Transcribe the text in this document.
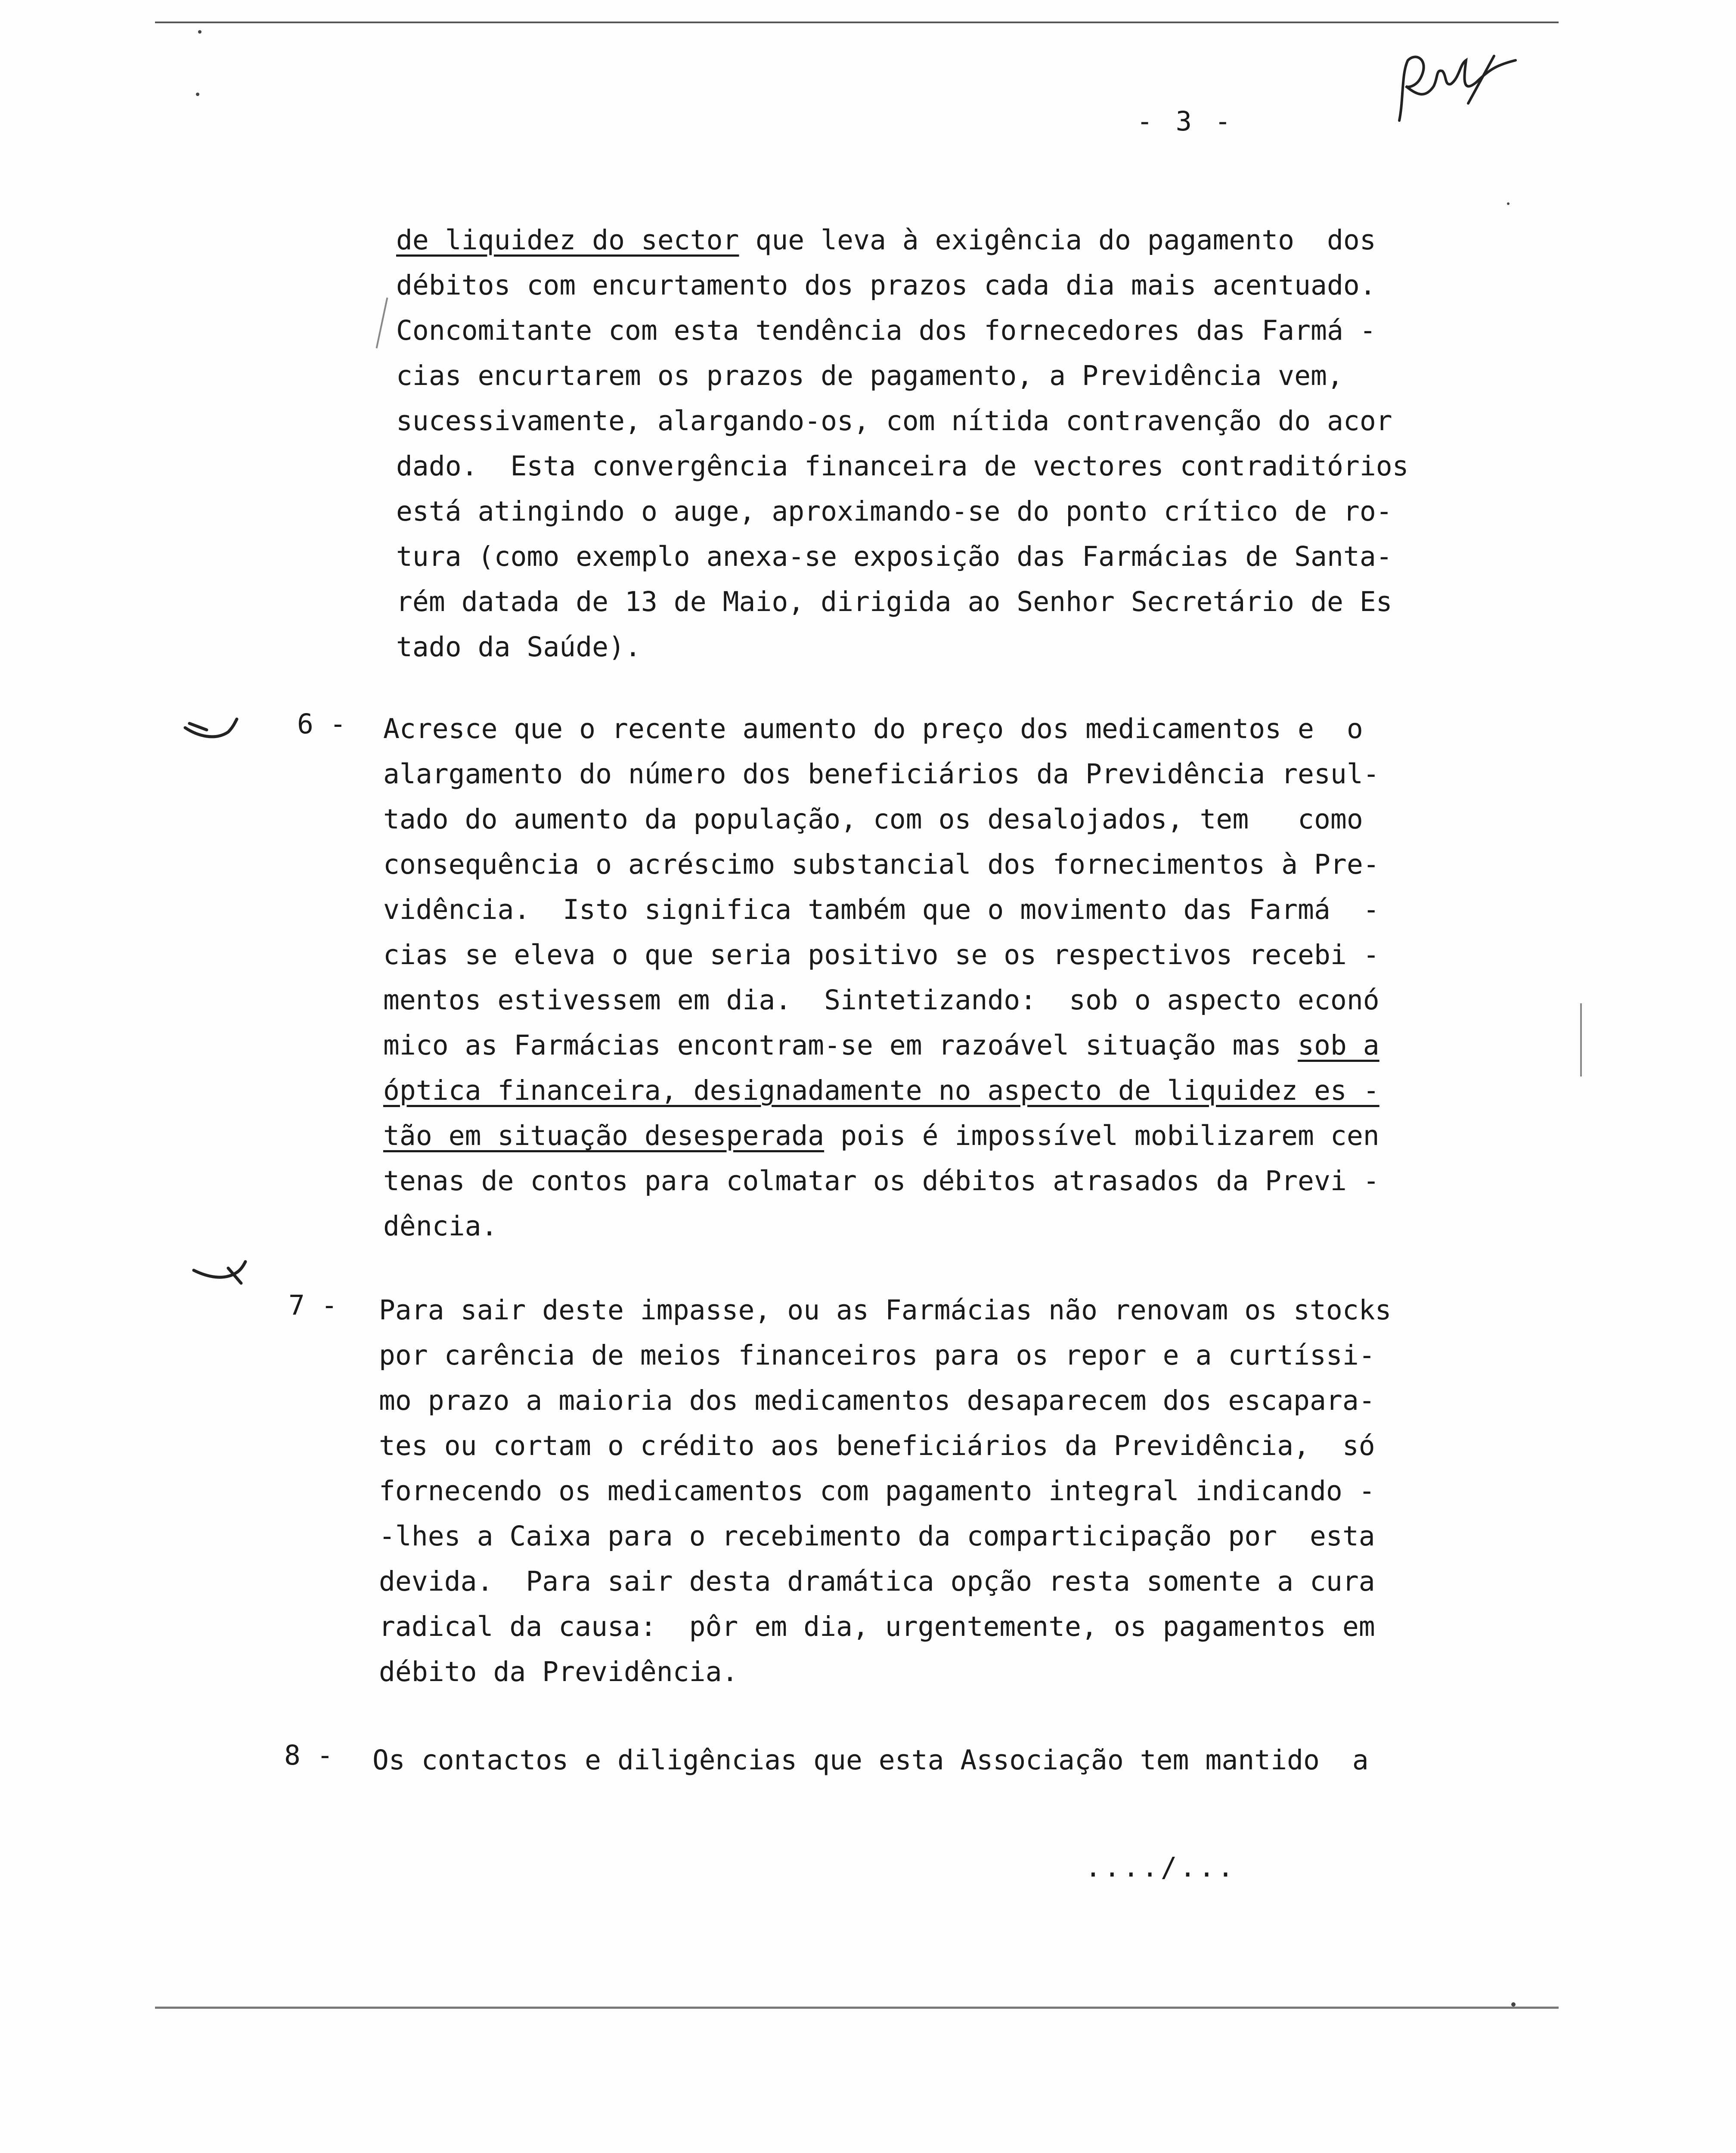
- 3 -
de liquidez do sector que leva à exigência do pagamento  dos
débitos com encurtamento dos prazos cada dia mais acentuado.
Concomitante com esta tendência dos fornecedores das Farmá -
cias encurtarem os prazos de pagamento, a Previdência vem,
sucessivamente, alargando-os, com nítida contravenção do acor
dado.  Esta convergência financeira de vectores contraditórios
está atingindo o auge, aproximando-se do ponto crítico de ro-
tura (como exemplo anexa-se exposição das Farmácias de Santa-
rém datada de 13 de Maio, dirigida ao Senhor Secretário de Es
tado da Saúde).
6 - Acresce que o recente aumento do preço dos medicamentos e  o
alargamento do número dos beneficiários da Previdência resul-
tado do aumento da população, com os desalojados, tem   como
consequência o acréscimo substancial dos fornecimentos à Pre-
vidência.  Isto significa também que o movimento das Farmá  -
cias se eleva o que seria positivo se os respectivos recebi -
mentos estivessem em dia.  Sintetizando:  sob o aspecto econó
mico as Farmácias encontram-se em razoável situação mas sob a
óptica financeira, designadamente no aspecto de liquidez es -
tão em situação desesperada pois é impossível mobilizarem cen
tenas de contos para colmatar os débitos atrasados da Previ -
dência.
7 - Para sair deste impasse, ou as Farmácias não renovam os stocks
por carência de meios financeiros para os repor e a curtíssi-
mo prazo a maioria dos medicamentos desaparecem dos escapara-
tes ou cortam o crédito aos beneficiários da Previdência,  só
fornecendo os medicamentos com pagamento integral indicando -
-lhes a Caixa para o recebimento da comparticipação por  esta
devida.  Para sair desta dramática opção resta somente a cura
radical da causa:  pôr em dia, urgentemente, os pagamentos em
débito da Previdência.
8 - Os contactos e diligências que esta Associação tem mantido  a
..../...
